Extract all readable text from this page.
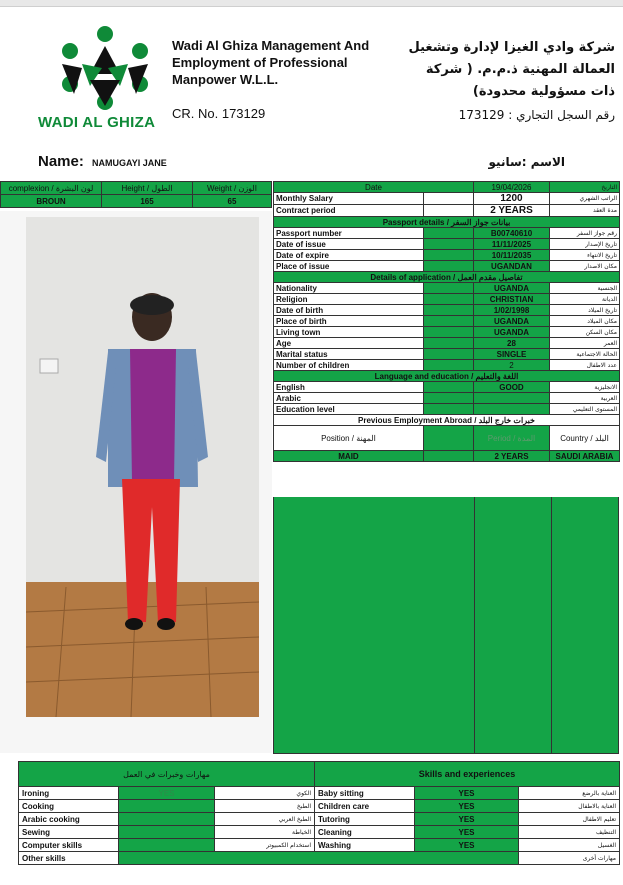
WADI AL GHIZA
Wadi Al Ghiza Management And Employment of Professional Manpower W.L.L.
CR. No. 173129
شركة وادي الغيزا لإدارة وتشغيل العمالة المهنية ذ.م.م. ( شركة ذات مسؤولية محدودة)
رقم السجل التجاري : 173129
Name: NAMUGAYI JANE	الاسم :سانيو
complexion / لون البشرة	Height / الطول	Weight / الوزن
BROUN	165	65
Date		19/04/2026	التاريخ
Monthly Salary		1200	الراتب الشهري
Contract period		2 YEARS	مدة العقد
Passport details / بيانات جواز السفر			
Passport number		B00740610	رقم جواز السفر
Date of issue		11/11/2025	تاريخ الإصدار
Date of expire		10/11/2035	تاريخ الانتهاء
Place of issue		UGANDAN	مكان الاصدار
Details of application / تفاصيل مقدم العمل			
Nationality		UGANDA	الجنسية
Religion		CHRISTIAN	الديانة
Date of birth		1/02/1998	تاريخ الميلاد
Place of birth		UGANDA	مكان الميلاد
Living town		UGANDA	مكان السكن
Age		28	العمر
Marital status		SINGLE	الحالة الاجتماعية
Number of children		2	عدد الاطفال
Language and education / اللغة والتعليم			
English		GOOD	الانجليزية
Arabic			العربية
Education level			المستوى التعليمي
Previous Employment Abroad / خبرات خارج البلد			
Position / المهنة		Period / المدة	Country / البلد
MAID		2 YEARS	SAUDI ARABIA
مهارات وخبرات في العمل			Skills and experiences		
Ironing	YES	الكوي	Baby sitting	YES	العناية بالرضع
Cooking		الطبخ	Children care	YES	العناية بالاطفال
Arabic cooking		الطبخ العربي	Tutoring	YES	تعليم الاطفال
Sewing		الخياطة	Cleaning	YES	التنظيف
Computer skills		استخدام الكمبيوتر	Washing	YES	الغسيل
Other skills					مهارات أخرى
